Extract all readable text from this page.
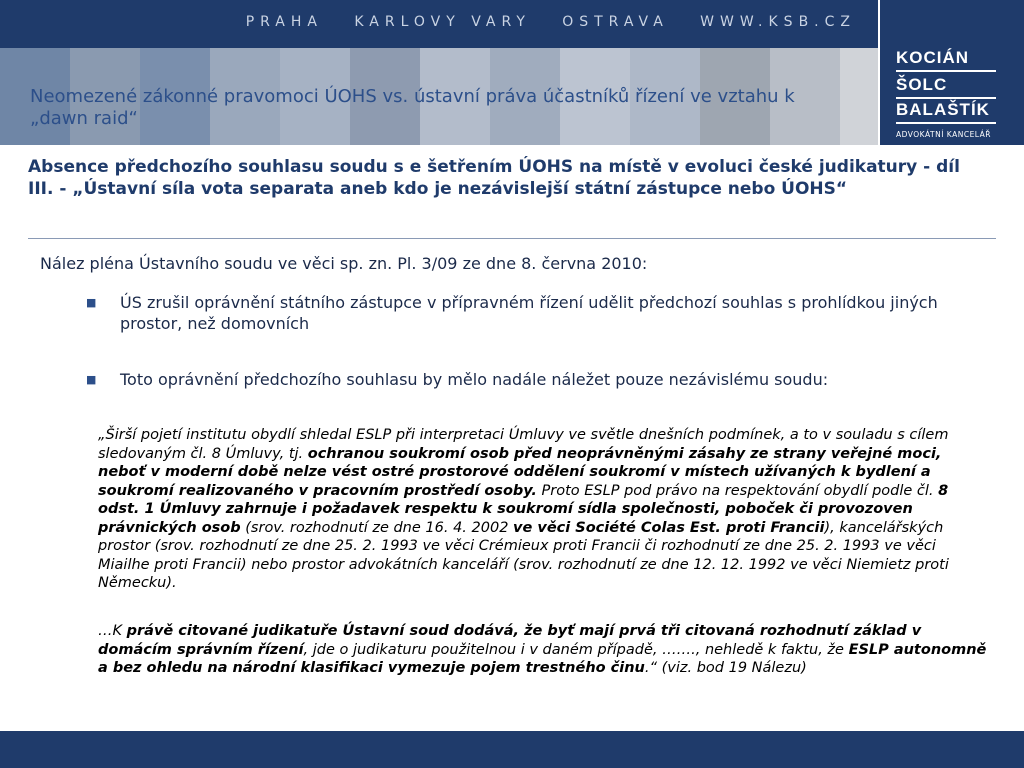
PRAHA   KARLOVY VARY   OSTRAVA   WWW.KSB.CZ
Neomezené zákonné pravomoci ÚOHS vs. ústavní práva účastníků řízení ve vztahu k „dawn raid“
KOCIÁN
ŠOLC
BALAŠTÍK
ADVOKÁTNÍ KANCELÁŘ
Absence předchozího souhlasu soudu s e šetřením ÚOHS na místě v evoluci české judikatury - díl III. - „Ústavní síla vota separata aneb kdo je nezávislejší státní zástupce nebo ÚOHS“
Nález pléna Ústavního soudu ve věci sp. zn. Pl. 3/09 ze dne 8. června 2010:
■ ÚS zrušil oprávnění státního zástupce v přípravném řízení udělit předchozí souhlas s prohlídkou jiných prostor, než domovních
■ Toto oprávnění předchozího souhlasu by mělo nadále náležet pouze nezávislému soudu:
„Širší pojetí institutu obydlí shledal ESLP při interpretaci Úmluvy ve světle dnešních podmínek, a to v souladu s cílem sledovaným čl. 8 Úmluvy, tj. ochranou soukromí osob před neoprávněnými zásahy ze strany veřejné moci, neboť v moderní době nelze vést ostré prostorové oddělení soukromí v místech užívaných k bydlení a soukromí realizovaného v pracovním prostředí osoby. Proto ESLP pod právo na respektování obydlí podle čl. 8 odst. 1 Úmluvy zahrnuje i požadavek respektu k soukromí sídla společnosti, poboček či provozoven právnických osob (srov. rozhodnutí ze dne 16. 4. 2002 ve věci Société Colas Est. proti Francii), kancelářských prostor (srov. rozhodnutí ze dne 25. 2. 1993 ve věci Crémieux proti Francii či rozhodnutí ze dne 25. 2. 1993 ve věci Miailhe proti Francii) nebo prostor advokátních kanceláří (srov. rozhodnutí ze dne 12. 12. 1992 ve věci Niemietz proti Německu).
…K právě citované judikatuře Ústavní soud dodává, že byť mají prvá tři citovaná rozhodnutí základ v domácím správním řízení, jde o judikaturu použitelnou i v daném případě, ……., nehledě k faktu, že ESLP autonomně a bez ohledu na národní klasifikaci vymezuje pojem trestného činu.“ (viz. bod 19 Nálezu)
